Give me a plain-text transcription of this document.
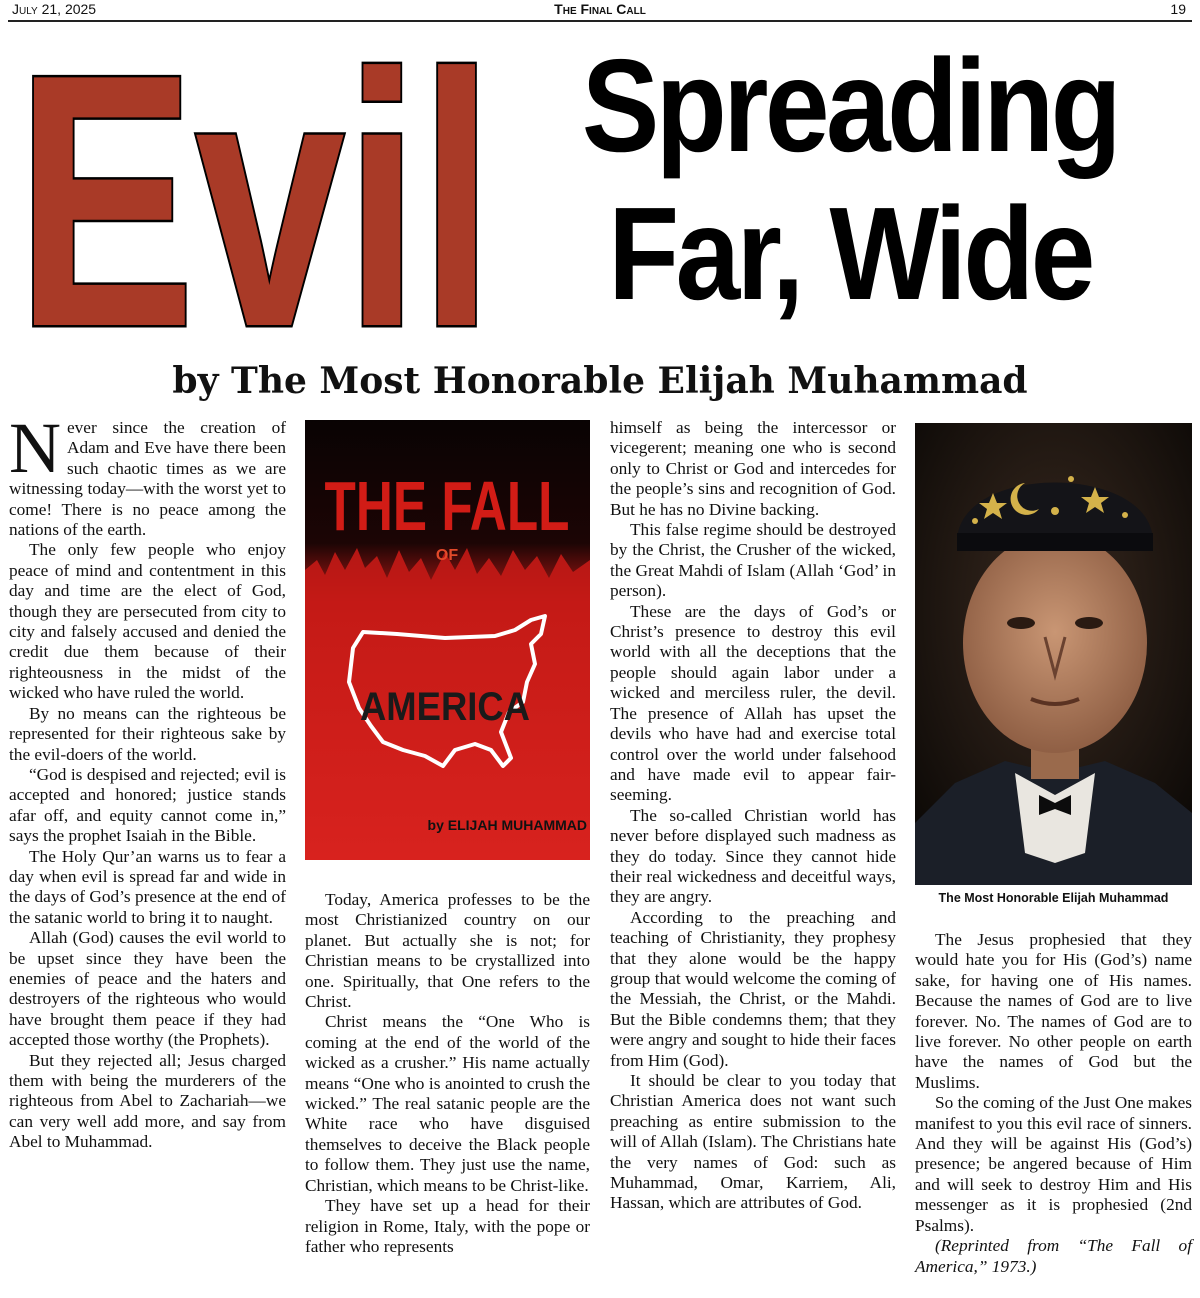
July 21, 2025	The Final Call	19
Evil Spreading
Far, Wide
by The Most Honorable Elijah Muhammad

Never since the creation of Adam and Eve have there been such chaotic times as we are witnessing today—with the worst yet to come! There is no peace among the nations of the earth.

The only few people who enjoy peace of mind and contentment in this day and time are the elect of God, though they are persecuted from city to city and falsely accused and denied the credit due them because of their righteousness in the midst of the wicked who have ruled the world.

By no means can the righteous be represented for their righteous sake by the evil-doers of the world.

“God is despised and rejected; evil is accepted and honored; justice stands afar off, and equity cannot come in,” says the prophet Isaiah in the Bible.

The Holy Qur’an warns us to fear a day when evil is spread far and wide in the days of God’s presence at the end of the satanic world to bring it to naught.

Allah (God) causes the evil world to be upset since they have been the enemies of peace and the haters and destroyers of the righteous who would have brought them peace if they had accepted those worthy (the Prophets).

But they rejected all; Jesus charged them with being the murderers of the righteous from Abel to Zachariah—we can very well add more, and say from Abel to Muhammad.

THE FALL
OF
AMERICA
by ELIJAH MUHAMMAD

Today, America professes to be the most Christianized country on our planet. But actually she is not; for Christian means to be crystallized into one. Spiritually, that One refers to the Christ.

Christ means the “One Who is coming at the end of the world of the wicked as a crusher.” His name actually means “One who is anointed to crush the wicked.” The real satanic people are the White race who have disguised themselves to deceive the Black people to follow them. They just use the name, Christian, which means to be Christ-like.

They have set up a head for their religion in Rome, Italy, with the pope or father who represents

himself as being the intercessor or vicegerent; meaning one who is second only to Christ or God and intercedes for the people’s sins and recognition of God. But he has no Divine backing.

This false regime should be destroyed by the Christ, the Crusher of the wicked, the Great Mahdi of Islam (Allah ‘God’ in person).

These are the days of God’s or Christ’s presence to destroy this evil world with all the deceptions that the people should again labor under a wicked and merciless ruler, the devil. The presence of Allah has upset the devils who have had and exercise total control over the world under falsehood and have made evil to appear fair-seeming.

The so-called Christian world has never before displayed such madness as they do today. Since they cannot hide their real wickedness and deceitful ways, they are angry.

According to the preaching and teaching of Christianity, they prophesy that they alone would be the happy group that would welcome the coming of the Messiah, the Christ, or the Mahdi. But the Bible condemns them; that they were angry and sought to hide their faces from Him (God).

It should be clear to you today that Christian America does not want such preaching as entire submission to the will of Allah (Islam). The Christians hate the very names of God: such as Muhammad, Omar, Karriem, Ali, Hassan, which are attributes of God.

The Most Honorable Elijah Muhammad

The Jesus prophesied that they would hate you for His (God’s) name sake, for having one of His names. Because the names of God are to live forever. No. The names of God are to live forever. No other people on earth have the names of God but the Muslims.

So the coming of the Just One makes manifest to you this evil race of sinners. And they will be against His (God’s) presence; be angered because of Him and will seek to destroy Him and His messenger as it is prophesied (2nd Psalms).

(Reprinted from “The Fall of America,” 1973.)
